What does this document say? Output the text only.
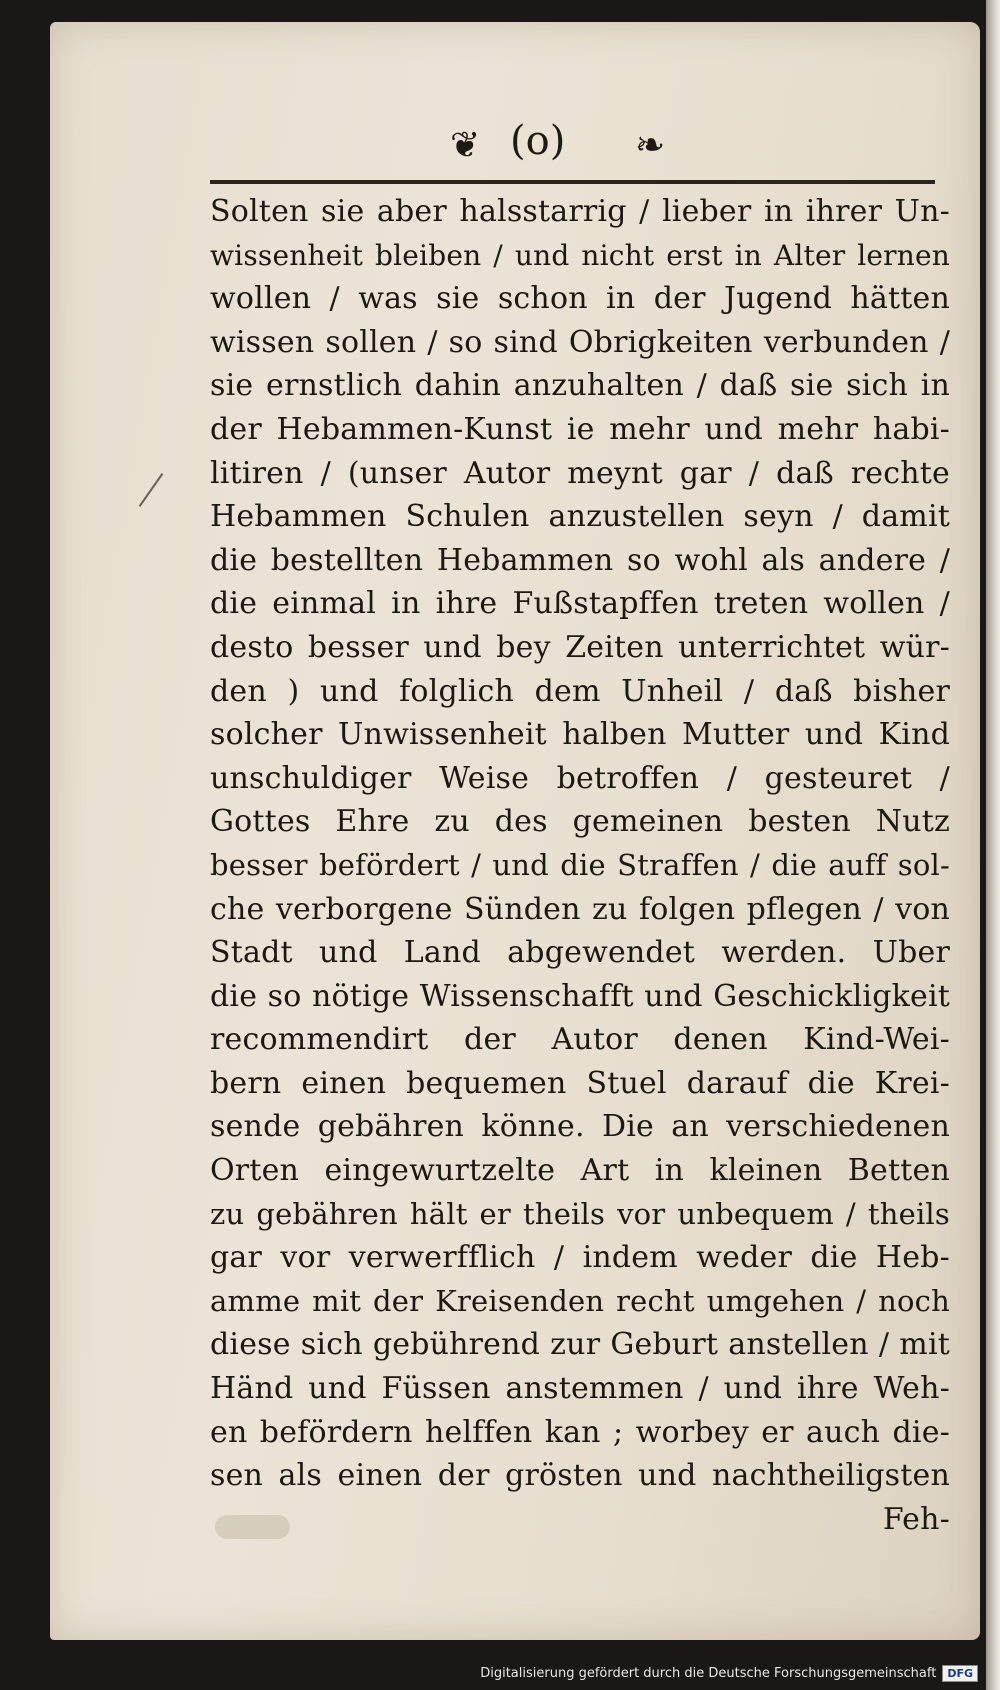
❦ (o) ❧
Solten sie aber halsstarrig / lieber in ihrer Un-
wissenheit bleiben / und nicht erst in Alter lernen
wollen / was sie schon in der Jugend hätten
wissen sollen / so sind Obrigkeiten verbunden /
sie ernstlich dahin anzuhalten / daß sie sich in
der Hebammen-Kunst ie mehr und mehr habi-
litiren / (unser Autor meynt gar / daß rechte
Hebammen Schulen anzustellen seyn / damit
die bestellten Hebammen so wohl als andere /
die einmal in ihre Fußstapffen treten wollen /
desto besser und bey Zeiten unterrichtet wür-
den ) und folglich dem Unheil / daß bisher
solcher Unwissenheit halben Mutter und Kind
unschuldiger Weise betroffen / gesteuret /
Gottes Ehre zu des gemeinen besten Nutz
besser befördert / und die Straffen / die auff sol-
che verborgene Sünden zu folgen pflegen / von
Stadt und Land abgewendet werden. Uber
die so nötige Wissenschafft und Geschickligkeit
recommendirt der Autor denen Kind-Wei-
bern einen bequemen Stuel darauf die Krei-
sende gebähren könne. Die an verschiedenen
Orten eingewurtzelte Art in kleinen Betten
zu gebähren hält er theils vor unbequem / theils
gar vor verwerfflich / indem weder die Heb-
amme mit der Kreisenden recht umgehen / noch
diese sich gebührend zur Geburt anstellen / mit
Händ und Füssen anstemmen / und ihre Weh-
en befördern helffen kan ; worbey er auch die-
sen als einen der grösten und nachtheiligsten
Feh-
Digitalisierung gefördert durch die Deutsche Forschungsgemeinschaft	DFG
